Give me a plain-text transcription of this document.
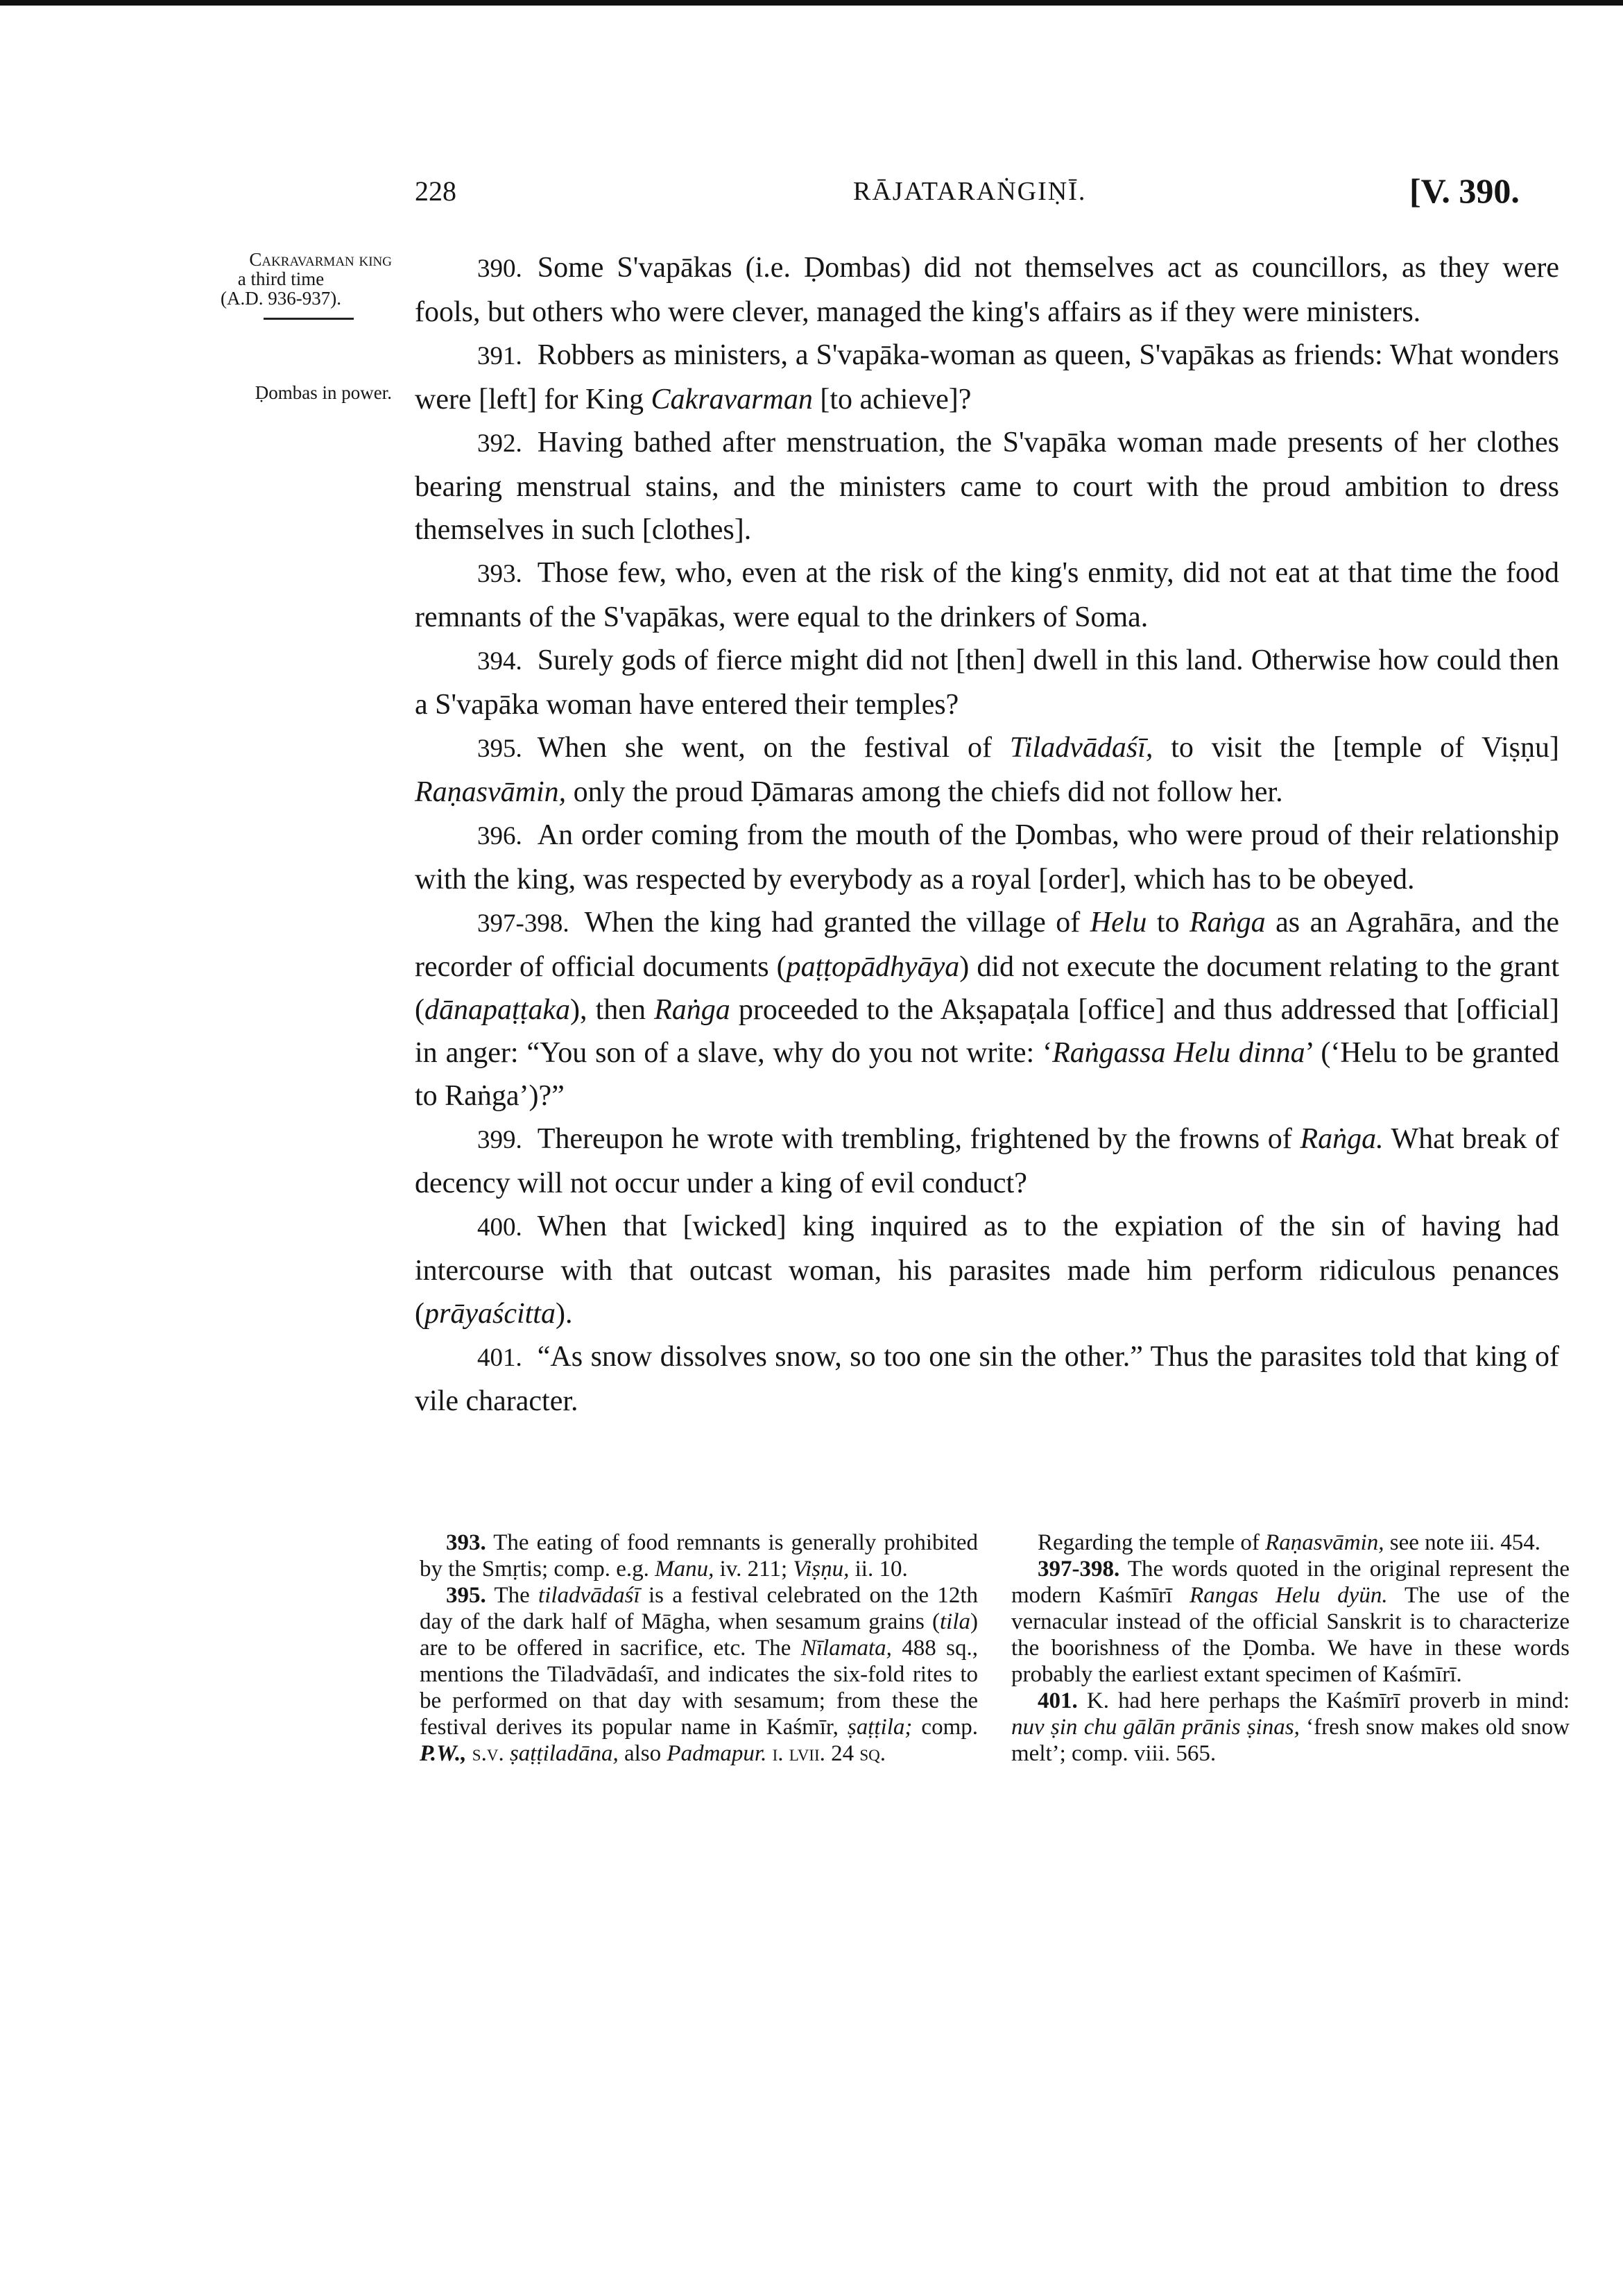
228	RĀJATARAṄGIṆĪ.	[V. 390.
Cakravarman king
a third time
(A.D. 936-937).
Ḍombas in power.

390. Some S'vapākas (i.e. Ḍombas) did not themselves act as councillors, as they were fools, but others who were clever, managed the king's affairs as if they were ministers.

391. Robbers as ministers, a S'vapāka-woman as queen, S'vapākas as friends: What wonders were [left] for King Cakravarman [to achieve]?

392. Having bathed after menstruation, the S'vapāka woman made presents of her clothes bearing menstrual stains, and the ministers came to court with the proud ambition to dress themselves in such [clothes].

393. Those few, who, even at the risk of the king's enmity, did not eat at that time the food remnants of the S'vapākas, were equal to the drinkers of Soma.

394. Surely gods of fierce might did not [then] dwell in this land. Otherwise how could then a S'vapāka woman have entered their temples?

395. When she went, on the festival of Tiladvādaśī, to visit the [temple of Viṣṇu] Raṇasvāmin, only the proud Ḍāmaras among the chiefs did not follow her.

396. An order coming from the mouth of the Ḍombas, who were proud of their relationship with the king, was respected by everybody as a royal [order], which has to be obeyed.

397-398. When the king had granted the village of Helu to Raṅga as an Agrahāra, and the recorder of official documents (paṭṭopādhyāya) did not execute the document relating to the grant (dānapaṭṭaka), then Raṅga proceeded to the Akṣapaṭala [office] and thus addressed that [official] in anger: “You son of a slave, why do you not write: ‘Raṅgassa Helu dinna’ (‘Helu to be granted to Raṅga’)?”

399. Thereupon he wrote with trembling, frightened by the frowns of Raṅga. What break of decency will not occur under a king of evil conduct?

400. When that [wicked] king inquired as to the expiation of the sin of having had intercourse with that outcast woman, his parasites made him perform ridiculous penances (prāyaścitta).

401. “As snow dissolves snow, so too one sin the other.” Thus the parasites told that king of vile character.

393. The eating of food remnants is generally prohibited by the Smṛtis; comp. e.g. Manu, iv. 211; Viṣṇu, ii. 10.

395. The tiladvādaśī is a festival celebrated on the 12th day of the dark half of Māgha, when sesamum grains (tila) are to be offered in sacrifice, etc. The Nīlamata, 488 sq., mentions the Tiladvādaśī, and indicates the six-fold rites to be performed on that day with sesamum; from these the festival derives its popular name in Kaśmīr, ṣaṭṭila; comp. P.W., s.v. ṣaṭṭiladāna, also Padmapur. i. lvii. 24 sq.

Regarding the temple of Raṇasvāmin, see note iii. 454.

397-398. The words quoted in the original represent the modern Kaśmīrī Rangas Helu dyün. The use of the vernacular instead of the official Sanskrit is to characterize the boorishness of the Ḍomba. We have in these words probably the earliest extant specimen of Kaśmīrī.

401. K. had here perhaps the Kaśmīrī proverb in mind: nuv ṣin chu gālān prānis ṣinas, ‘fresh snow makes old snow melt’; comp. viii. 565.
